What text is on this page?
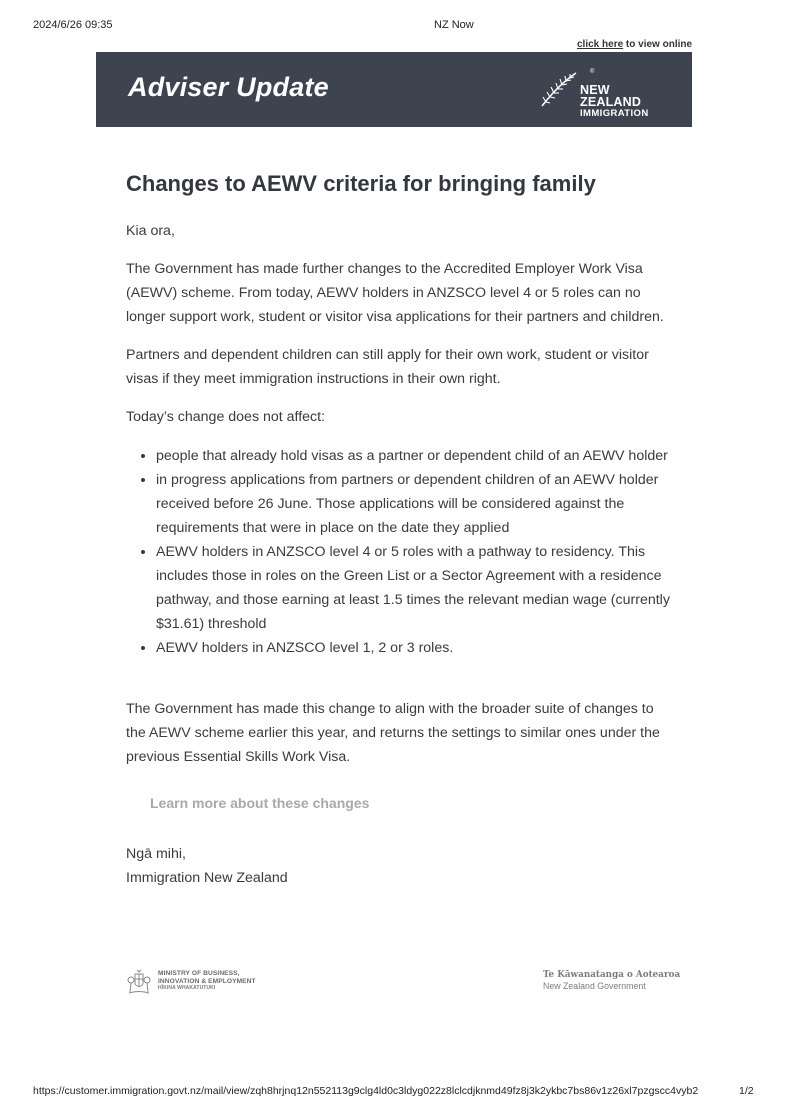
2024/6/26 09:35	NZ Now
click here to view online
Adviser Update	®
NEW ZEALAND
IMMIGRATION
Changes to AEWV criteria for bringing family

Kia ora,

The Government has made further changes to the Accredited Employer Work Visa (AEWV) scheme. From today, AEWV holders in ANZSCO level 4 or 5 roles can no longer support work, student or visitor visa applications for their partners and children.

Partners and dependent children can still apply for their own work, student or visitor visas if they meet immigration instructions in their own right.

Today’s change does not affect:

• people that already hold visas as a partner or dependent child of an AEWV holder
• in progress applications from partners or dependent children of an AEWV holder received before 26 June. Those applications will be considered against the requirements that were in place on the date they applied
• AEWV holders in ANZSCO level 4 or 5 roles with a pathway to residency. This includes those in roles on the Green List or a Sector Agreement with a residence pathway, and those earning at least 1.5 times the relevant median wage (currently $31.61) threshold
• AEWV holders in ANZSCO level 1, 2 or 3 roles.

The Government has made this change to align with the broader suite of changes to the AEWV scheme earlier this year, and returns the settings to similar ones under the previous Essential Skills Work Visa.

Learn more about these changes

Ngā mihi,

Immigration New Zealand

MINISTRY OF BUSINESS,
INNOVATION & EMPLOYMENT
HĪKINA WHAKATUTUKI
Te Kāwanatanga o Aotearoa
New Zealand Government
https://customer.immigration.govt.nz/mail/view/zqh8hrjnq12n552113g9clg4ld0c3ldyg022z8lclcdjknmd49fz8j3k2ykbc7bs86v1z26xl7pzgscc4vyb2	1/2
